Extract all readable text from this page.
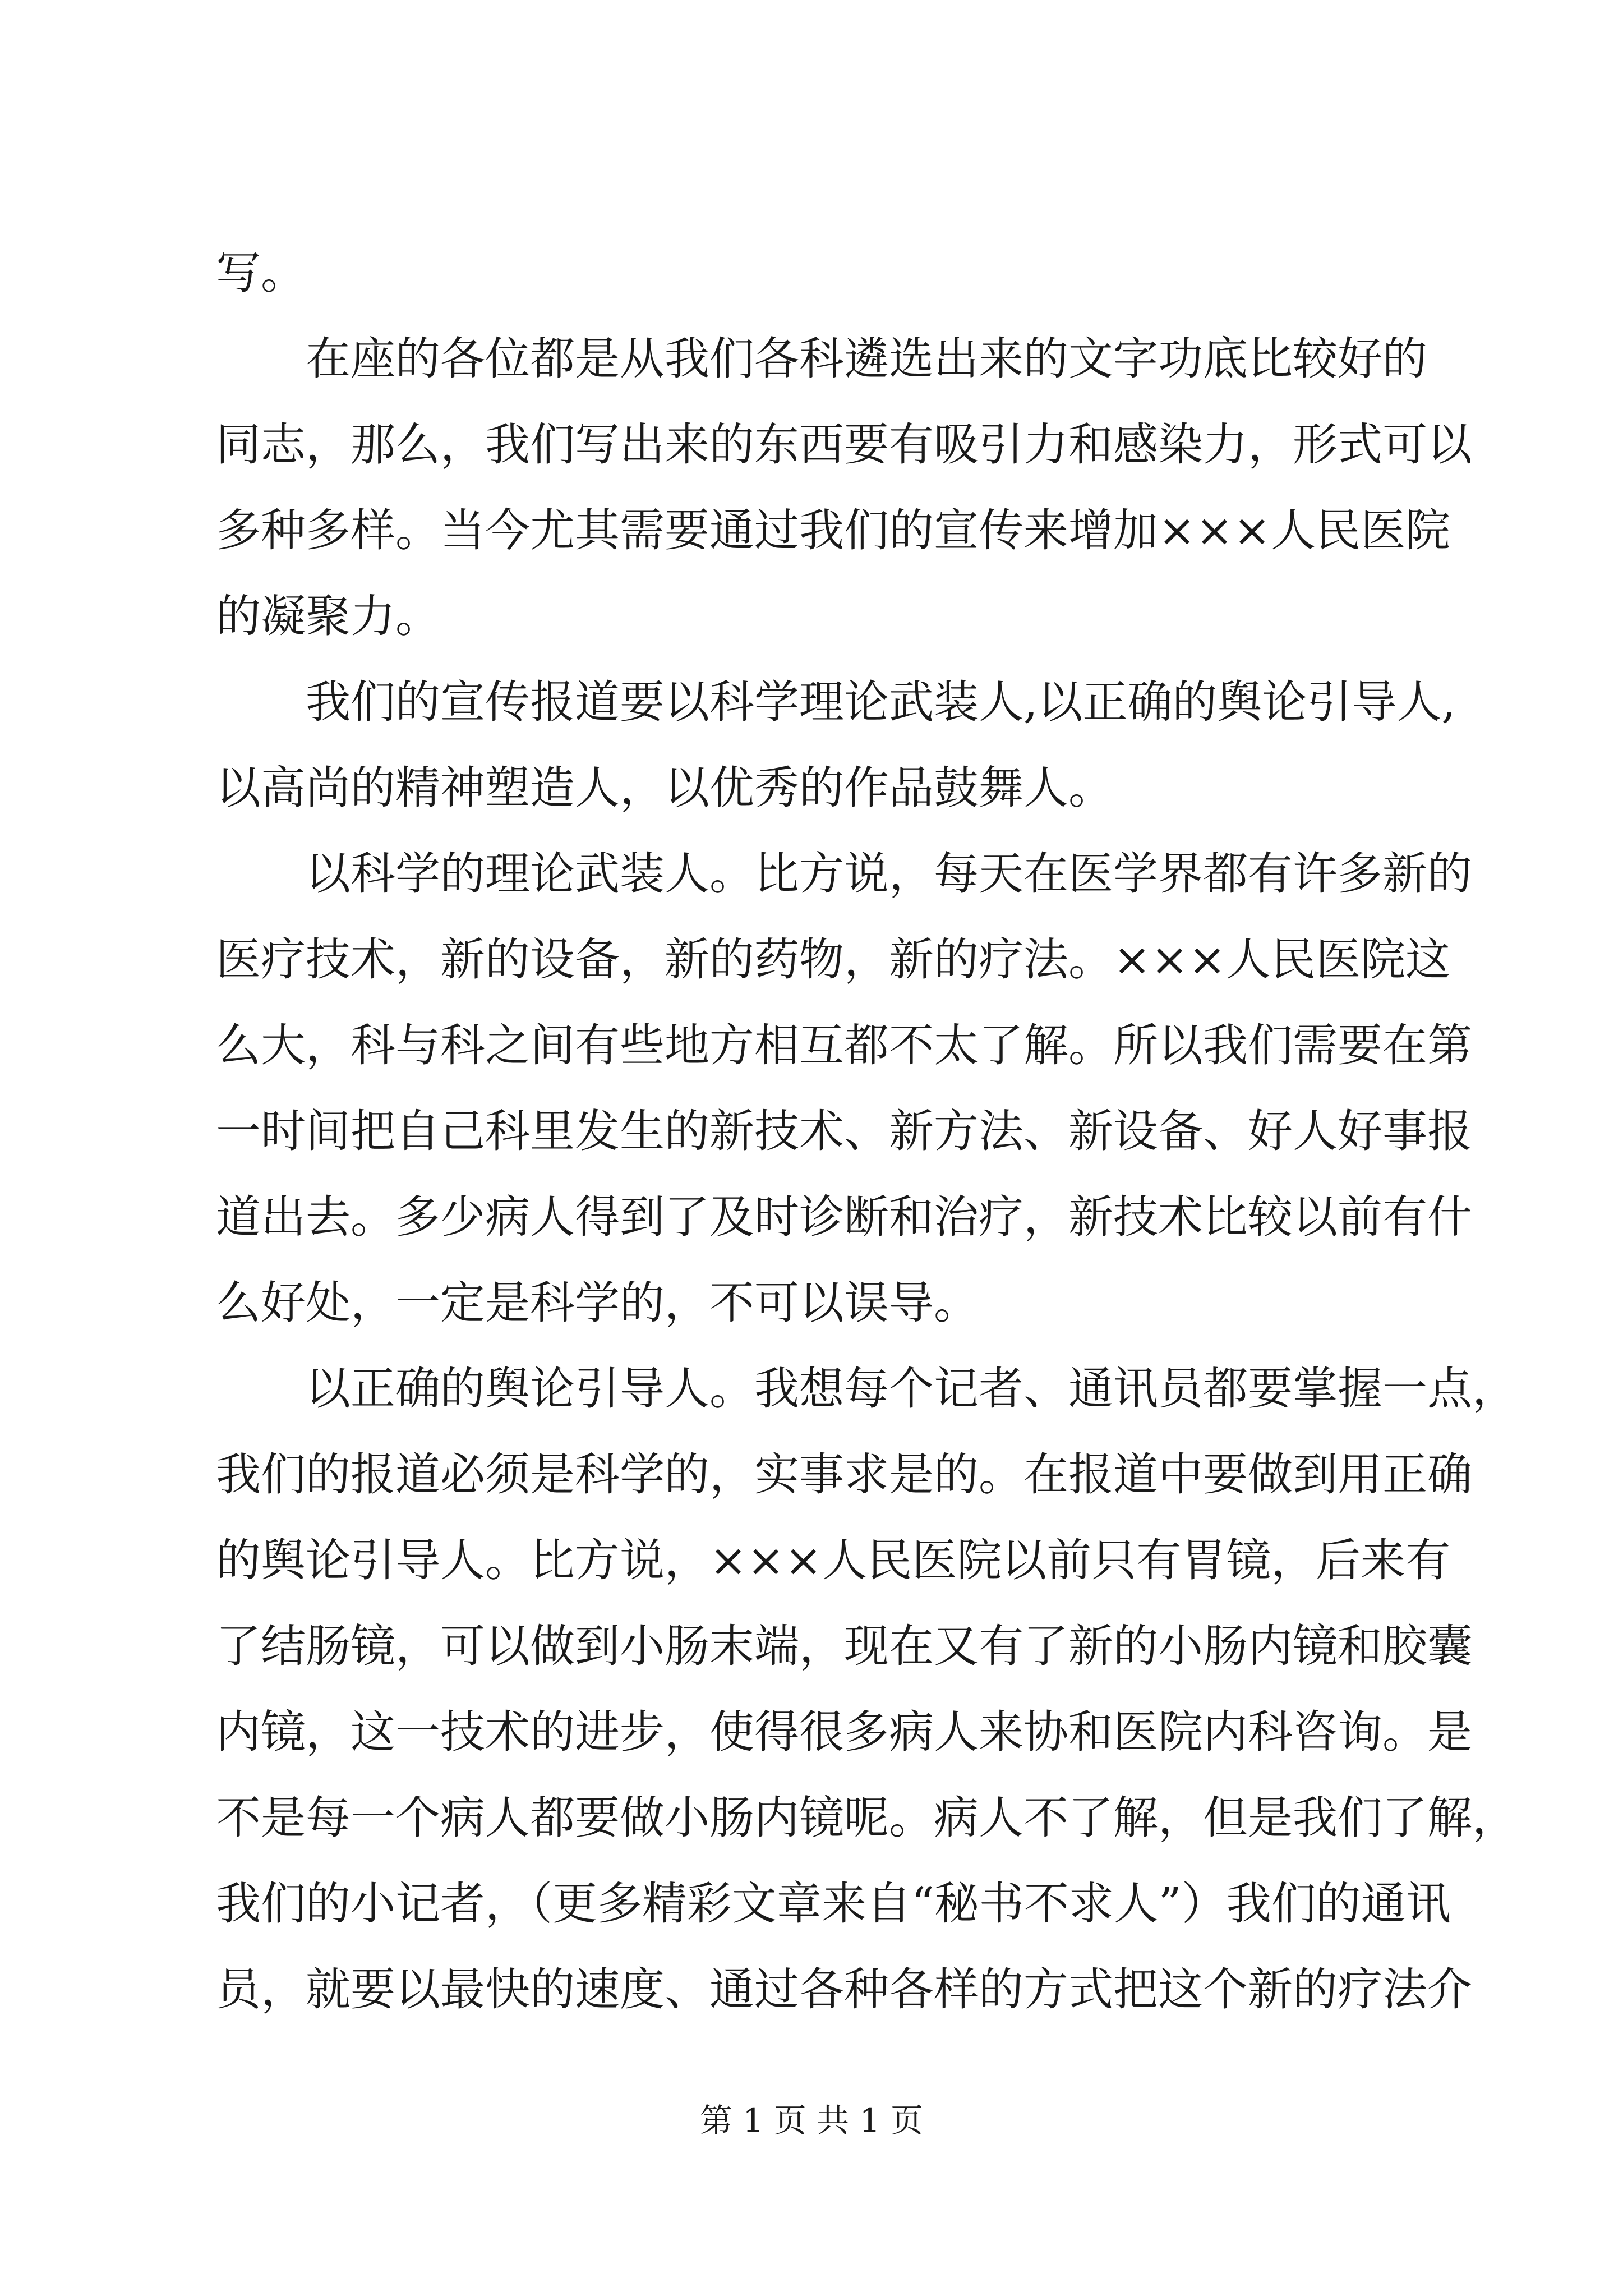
写。
在座的各位都是从我们各科遴选出来的文字功底比较好的
同志，那么，我们写出来的东西要有吸引力和感染力，形式可以
多种多样。当今尤其需要通过我们的宣传来增加×××人民医院
的凝聚力。
我们的宣传报道要以科学理论武装人,以正确的舆论引导人,
以高尚的精神塑造人，以优秀的作品鼓舞人。
以科学的理论武装人。比方说，每天在医学界都有许多新的
医疗技术，新的设备，新的药物，新的疗法。×××人民医院这
么大，科与科之间有些地方相互都不太了解。所以我们需要在第
一时间把自己科里发生的新技术、新方法、新设备、好人好事报
道出去。多少病人得到了及时诊断和治疗，新技术比较以前有什
么好处，一定是科学的，不可以误导。
以正确的舆论引导人。我想每个记者、通讯员都要掌握一点，
我们的报道必须是科学的，实事求是的。在报道中要做到用正确
的舆论引导人。比方说，×××人民医院以前只有胃镜，后来有
了结肠镜，可以做到小肠末端，现在又有了新的小肠内镜和胶囊
内镜，这一技术的进步，使得很多病人来协和医院内科咨询。是
不是每一个病人都要做小肠内镜呢。病人不了解，但是我们了解，
我们的小记者，（更多精彩文章来自“秘书不求人”）我们的通讯
员，就要以最快的速度、通过各种各样的方式把这个新的疗法介
第 1 页 共 1 页
